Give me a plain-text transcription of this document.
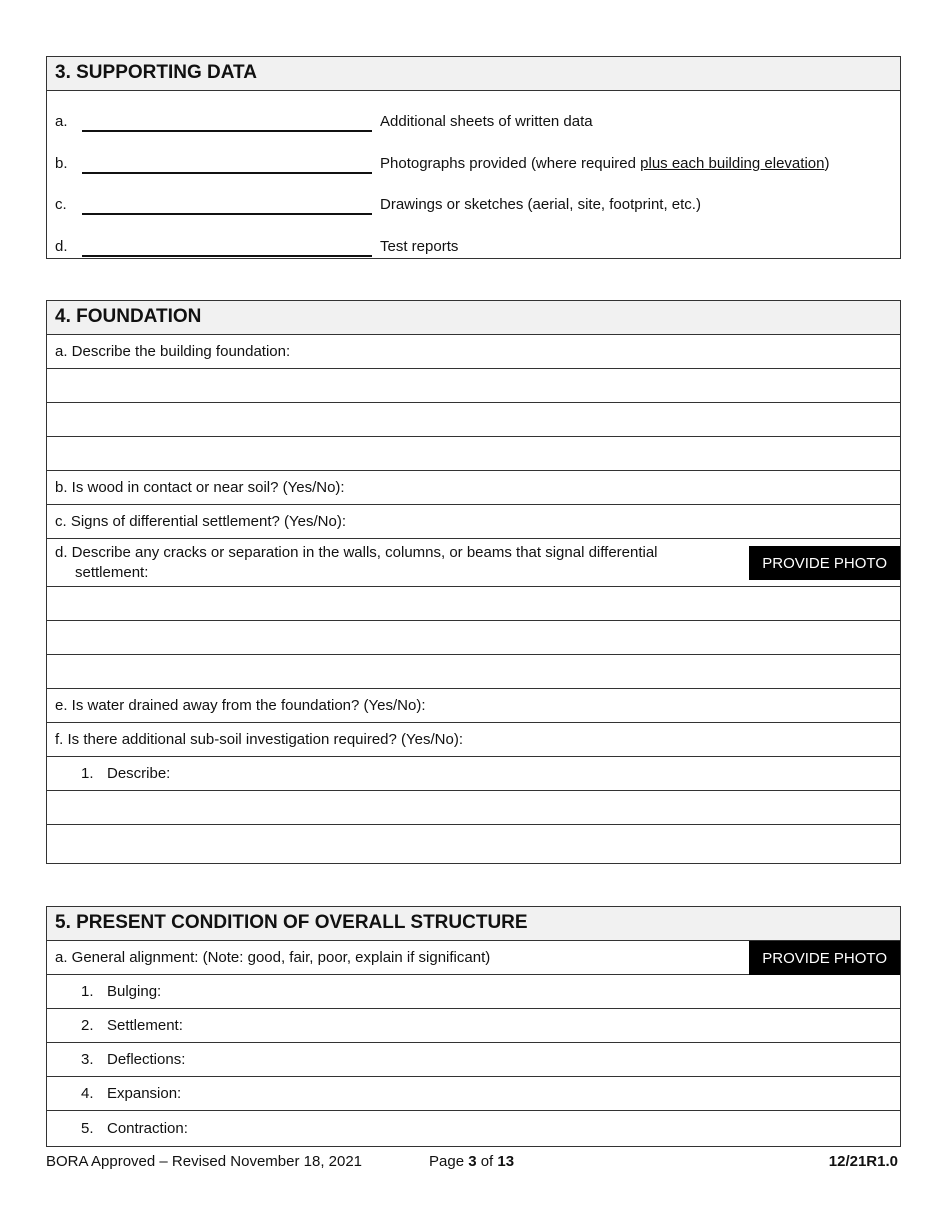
3. SUPPORTING DATA
a.	Additional sheets of written data
b.	Photographs provided (where required plus each building elevation)
c.	Drawings or sketches (aerial, site, footprint, etc.)
d.	Test reports
4. FOUNDATION
a. Describe the building foundation:
b. Is wood in contact or near soil? (Yes/No):
c. Signs of differential settlement? (Yes/No):
d. Describe any cracks or separation in the walls, columns, or beams that signal differential settlement:
PROVIDE PHOTO
e. Is water drained away from the foundation? (Yes/No):
f. Is there additional sub-soil investigation required? (Yes/No):
1. Describe:
5. PRESENT CONDITION OF OVERALL STRUCTURE
a. General alignment: (Note: good, fair, poor, explain if significant)	PROVIDE PHOTO
1. Bulging:
2. Settlement:
3. Deflections:
4. Expansion:
5. Contraction:
BORA Approved – Revised November 18, 2021	Page 3 of 13	12/21R1.0
